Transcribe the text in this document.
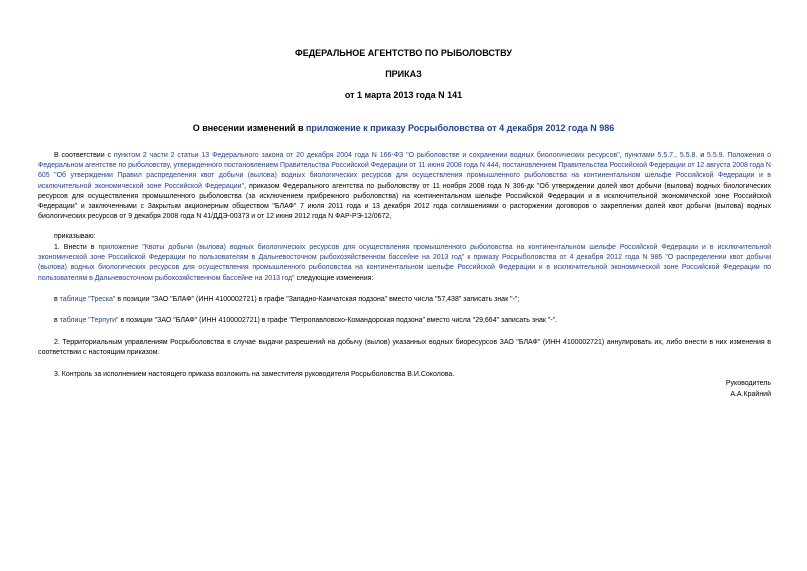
ФЕДЕРАЛЬНОЕ АГЕНТСТВО ПО РЫБОЛОВСТВУ
ПРИКАЗ
от 1 марта 2013 года N 141
О внесении изменений в приложение к приказу Росрыболовства от 4 декабря 2012 года N 986

В соответствии с пунктом 2 части 2 статьи 13 Федерального закона от 20 декабря 2004 года N 166-ФЗ "О рыболовстве и сохранении водных биологических ресурсов", пунктами 5.5.7., 5.5.8. и 5.5.9. Положения о Федеральном агентстве по рыболовству, утвержденного постановлением Правительства Российской Федерации от 11 июня 2008 года N 444, постановлением Правительства Российской Федерации от 12 августа 2008 года N 605 "Об утверждении Правил распределения квот добычи (вылова) водных биологических ресурсов для осуществления промышленного рыболовства на континентальном шельфе Российской Федерации и в исключительной экономической зоне Российской Федерации", приказом Федерального агентства по рыболовству от 11 ноября 2008 года N 306-дк "Об утверждении долей квот добычи (вылова) водных биологических ресурсов для осуществления промышленного рыболовства (за исключением прибрежного рыболовства) на континентальном шельфе Российской Федерации и в исключительной экономической зоне Российской Федерации" и заключенными с Закрытым акционерным обществом "БЛАФ" 7 июля 2011 года и 13 декабря 2012 года соглашениями о расторжении договоров о закреплении долей квот добычи (вылова) водных биологических ресурсов от 9 декабря 2008 года N 41/ДДЭ-00373 и от 12 июня 2012 года N ФАР-РЭ-12/0672,

приказываю:

1. Внести в приложение "Квоты добычи (вылова) водных биологических ресурсов для осуществления промышленного рыболовства на континентальном шельфе Российской Федерации и в исключительной экономической зоне Российской Федерации по пользователям в Дальневосточном рыбохозяйственном бассейне на 2013 год" к приказу Росрыболовства от 4 декабря 2012 года N 986 "О распределении квот добычи (вылова) водных биологических ресурсов для осуществления промышленного рыболовства на континентальном шельфе Российской Федерации и в исключительной экономической зоне Российской Федерации по пользователям в Дальневосточном рыбохозяйственном бассейне на 2013 год" следующие изменения:

в таблице "Треска" в позиции "ЗАО "БЛАФ" (ИНН 4100002721) в графе "Западно-Камчатская подзона" вместо числа "57,438" записать знак "-";
в таблице "Терпуги" в позиции "ЗАО "БЛАФ" (ИНН 4100002721) в графе "Петропавловско-Командорская подзона" вместо числа "29,664" записать знак "-".

2. Территориальным управлениям Росрыболовства в случае выдачи разрешений на добычу (вылов) указанных водных биоресурсов ЗАО "БЛАФ" (ИНН 4100002721) аннулировать их, либо внести в них изменения в соответствии с настоящим приказом.

3. Контроль за исполнением настоящего приказа возложить на заместителя руководителя Росрыболовства В.И.Соколова.

Руководитель
А.А.Крайний
